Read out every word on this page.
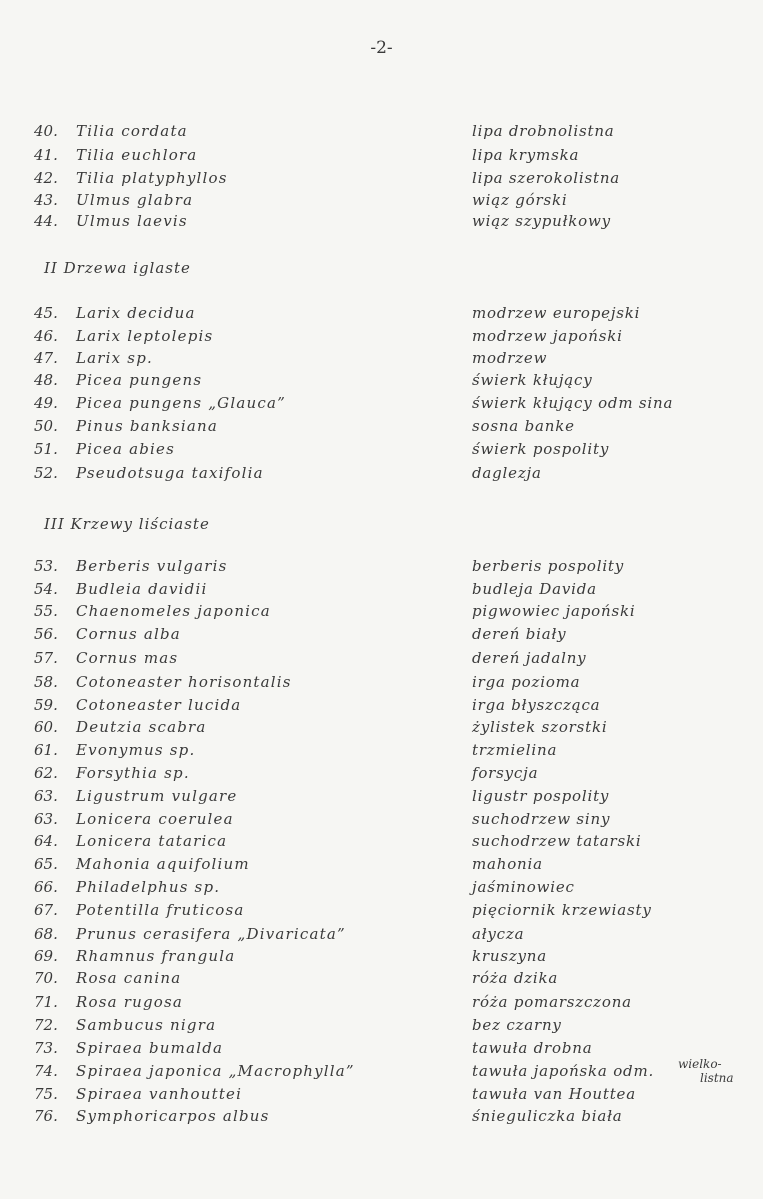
-2-
40.	Tilia cordata	lipa drobnolistna
41.	Tilia euchlora	lipa krymska
42.	Tilia platyphyllos	lipa szerokolistna
43.	Ulmus glabra	wiąz górski
44.	Ulmus laevis	wiąz szypułkowy
II Drzewa iglaste
45.	Larix decidua	modrzew europejski
46.	Larix leptolepis	modrzew japoński
47.	Larix sp.	modrzew
48.	Picea pungens	świerk kłujący
49.	Picea pungens „Glauca”	świerk kłujący odm sina
50.	Pinus banksiana	sosna banke
51.	Picea abies	świerk pospolity
52.	Pseudotsuga taxifolia	daglezja
III Krzewy liściaste
53.	Berberis vulgaris	berberis pospolity
54.	Budleia davidii	budleja Davida
55.	Chaenomeles japonica	pigwowiec japoński
56.	Cornus alba	dereń biały
57.	Cornus mas	dereń jadalny
58.	Cotoneaster horisontalis	irga poziomа
59.	Cotoneaster lucida	irga błyszcząca
60.	Deutzia scabra	żylistek szorstki
61.	Evonymus sp.	trzmielina
62.	Forsythia sp.	forsycja
63.	Ligustrum vulgare	ligustr pospolity
63.	Lonicera coerulea	suchodrzew siny
64.	Lonicera tatarica	suchodrzew tatarski
65.	Mahonia aquifolium	mahonia
66.	Philadelphus sp.	jaśminowiec
67.	Potentilla fruticosa	pięciornik krzewiasty
68.	Prunus cerasifera „Divaricata”	ałycza
69.	Rhamnus frangula	kruszyna
70.	Rosa canina	róża dzika
71.	Rosa rugosa	róża pomarszczona
72.	Sambucus nigra	bez czarny
73.	Spiraea bumalda	tawuła drobna
74.	Spiraea japonica „Macrophylla”	tawuła japońska odm.
75.	Spiraea vanhouttei	tawuła van Houttea
76.	Symphoricarpos albus	śnieguliczka biała
wielko-
listna
